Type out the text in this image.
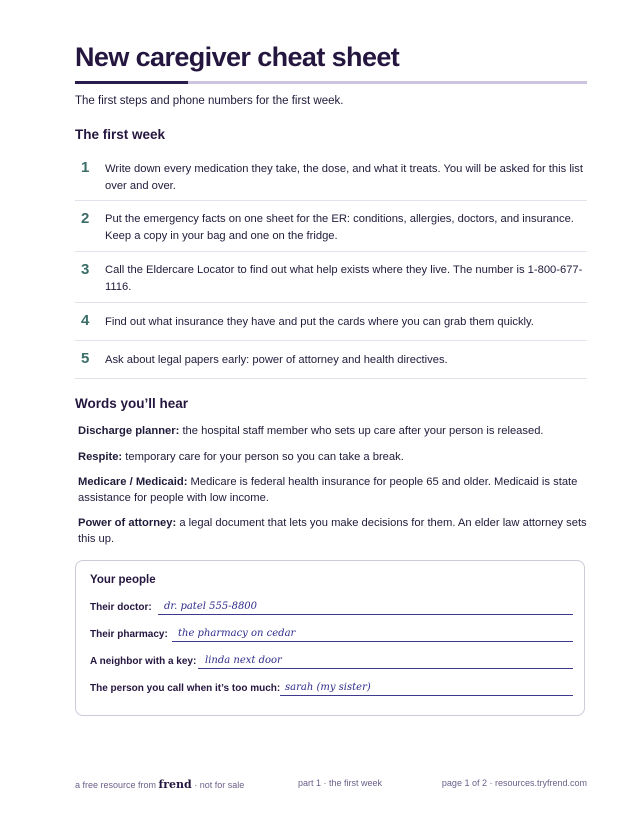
New caregiver cheat sheet
The first steps and phone numbers for the first week.
The first week
1 Write down every medication they take, the dose, and what it treats. You will be asked for this list over and over.
2 Put the emergency facts on one sheet for the ER: conditions, allergies, doctors, and insurance. Keep a copy in your bag and one on the fridge.
3 Call the Eldercare Locator to find out what help exists where they live. The number is 1-800-677-1116.
4 Find out what insurance they have and put the cards where you can grab them quickly.
5 Ask about legal papers early: power of attorney and health directives.
Words you’ll hear
Discharge planner: the hospital staff member who sets up care after your person is released.
Respite: temporary care for your person so you can take a break.
Medicare / Medicaid: Medicare is federal health insurance for people 65 and older. Medicaid is state assistance for people with low income.
Power of attorney: a legal document that lets you make decisions for them. An elder law attorney sets this up.
Your people
Their doctor: dr. patel 555-8800
Their pharmacy: the pharmacy on cedar
A neighbor with a key: linda next door
The person you call when it’s too much: sarah (my sister)
a free resource from frend · not for sale	part 1 · the first week	page 1 of 2 · resources.tryfrend.com
